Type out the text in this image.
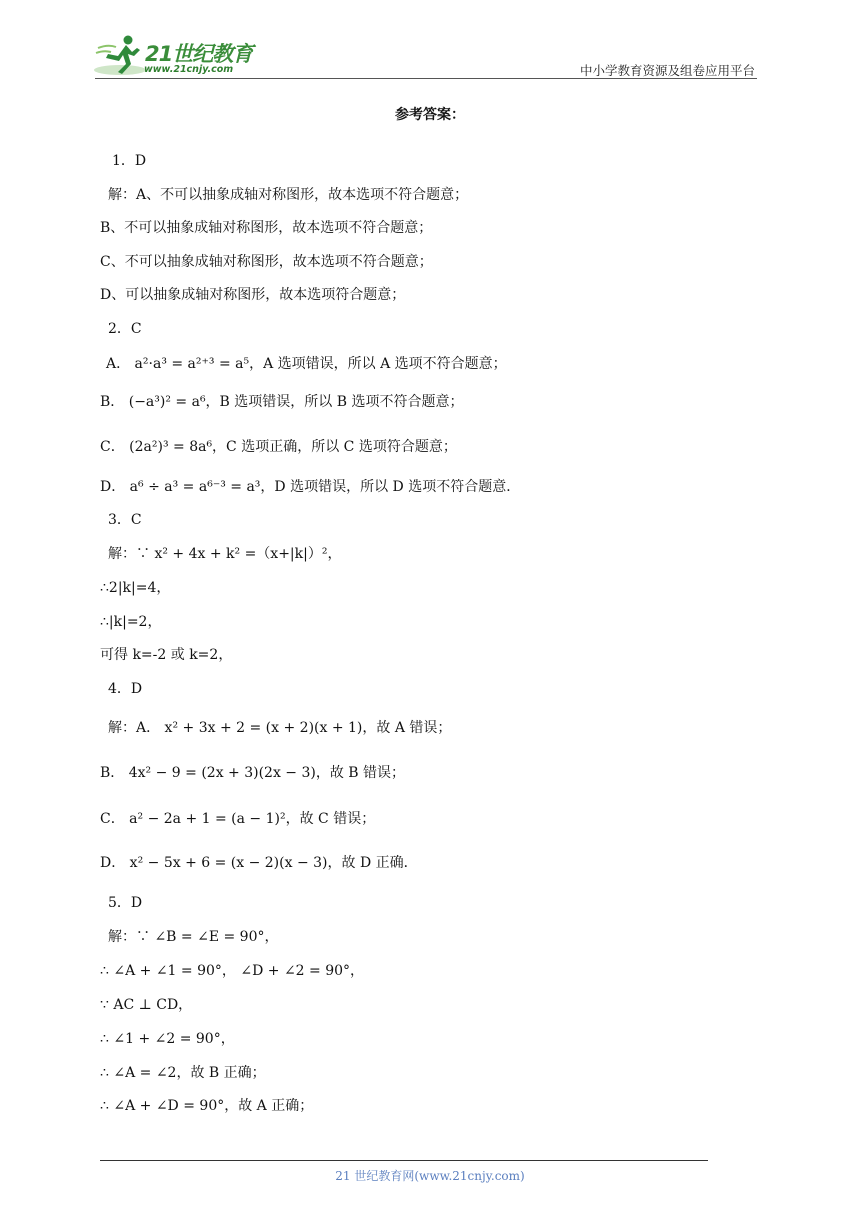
21世纪教育
www.21cnjy.com	中小学教育资源及组卷应用平台
参考答案：
1．D
解：A、不可以抽象成轴对称图形，故本选项不符合题意；
B、不可以抽象成轴对称图形，故本选项不符合题意；
C、不可以抽象成轴对称图形，故本选项不符合题意；
D、可以抽象成轴对称图形，故本选项符合题意；
2．C
A． a²·a³ = a²⁺³ = a⁵，A 选项错误，所以 A 选项不符合题意；
B． (−a³)² = a⁶，B 选项错误，所以 B 选项不符合题意；
C． (2a²)³ = 8a⁶，C 选项正确，所以 C 选项符合题意；
D． a⁶ ÷ a³ = a⁶⁻³ = a³，D 选项错误，所以 D 选项不符合题意．
3．C
解：∵ x² + 4x + k² =（x+|k|）²，
∴2|k|=4，
∴|k|=2，
可得 k=-2 或 k=2，
4．D
解：A． x² + 3x + 2 = (x + 2)(x + 1)，故 A 错误；
B． 4x² − 9 = (2x + 3)(2x − 3)，故 B 错误；
C． a² − 2a + 1 = (a − 1)²，故 C 错误；
D． x² − 5x + 6 = (x − 2)(x − 3)，故 D 正确．
5．D
解：∵ ∠B = ∠E = 90°，
∴ ∠A + ∠1 = 90°， ∠D + ∠2 = 90°，
∵ AC ⊥ CD，
∴ ∠1 + ∠2 = 90°，
∴ ∠A = ∠2，故 B 正确；
∴ ∠A + ∠D = 90°，故 A 正确；
21 世纪教育网(www.21cnjy.com)
